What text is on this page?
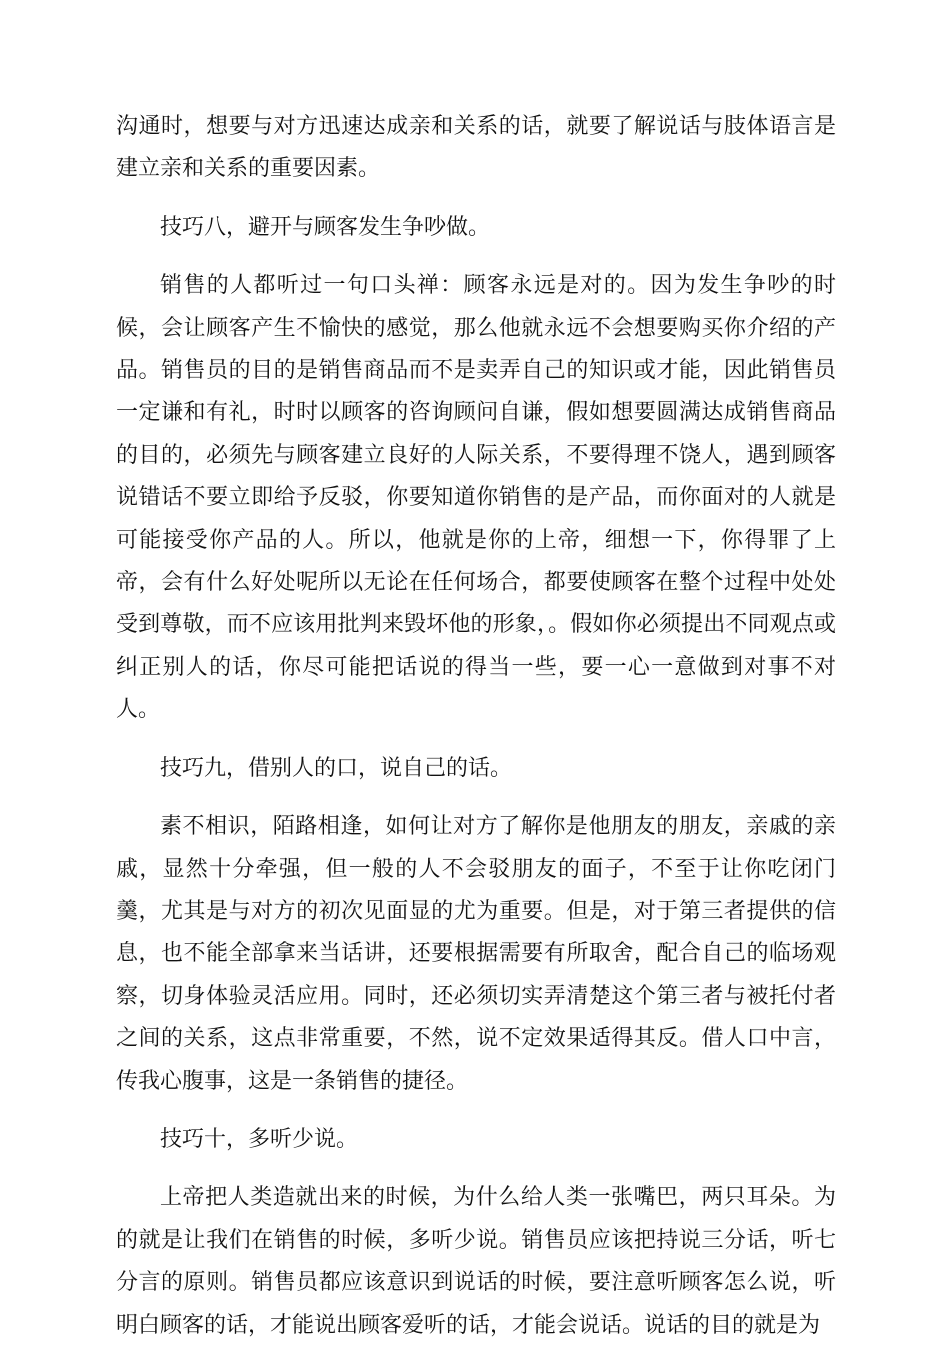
沟通时，想要与对方迅速达成亲和关系的话，就要了解说话与肢体语言是建立亲和关系的重要因素。

技巧八，避开与顾客发生争吵做。

销售的人都听过一句口头禅：顾客永远是对的。因为发生争吵的时候，会让顾客产生不愉快的感觉，那么他就永远不会想要购买你介绍的产品。销售员的目的是销售商品而不是卖弄自己的知识或才能，因此销售员一定谦和有礼，时时以顾客的咨询顾问自谦，假如想要圆满达成销售商品的目的，必须先与顾客建立良好的人际关系，不要得理不饶人，遇到顾客说错话不要立即给予反驳，你要知道你销售的是产品，而你面对的人就是可能接受你产品的人。所以，他就是你的上帝，细想一下，你得罪了上帝，会有什么好处呢所以无论在任何场合，都要使顾客在整个过程中处处受到尊敬，而不应该用批判来毁坏他的形象，。假如你必须提出不同观点或纠正别人的话，你尽可能把话说的得当一些，要一心一意做到对事不对人。

技巧九，借别人的口，说自己的话。

素不相识，陌路相逢，如何让对方了解你是他朋友的朋友，亲戚的亲戚，显然十分牵强，但一般的人不会驳朋友的面子，不至于让你吃闭门羹，尤其是与对方的初次见面显的尤为重要。但是，对于第三者提供的信息，也不能全部拿来当话讲，还要根据需要有所取舍，配合自己的临场观察，切身体验灵活应用。同时，还必须切实弄清楚这个第三者与被托付者之间的关系，这点非常重要，不然，说不定效果适得其反。借人口中言，传我心腹事，这是一条销售的捷径。

技巧十，多听少说。

上帝把人类造就出来的时候，为什么给人类一张嘴巴，两只耳朵。为的就是让我们在销售的时候，多听少说。销售员应该把持说三分话，听七分言的原则。销售员都应该意识到说话的时候，要注意听顾客怎么说，听明白顾客的话，才能说出顾客爱听的话，才能会说话。说话的目的就是为
